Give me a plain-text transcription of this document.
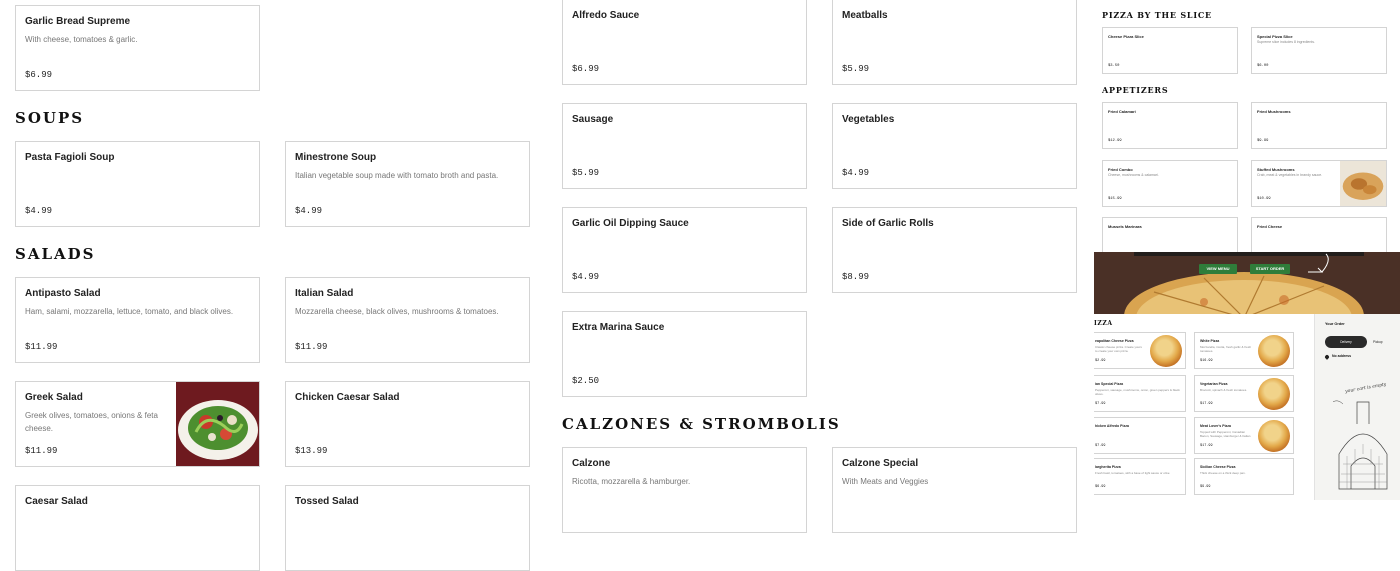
Garlic Bread Supreme
With cheese, tomatoes & garlic.
$6.99
SOUPS
Pasta Fagioli Soup
$4.99
Minestrone Soup
Italian vegetable soup made with tomato broth and pasta.
$4.99
SALADS
Antipasto Salad
Ham, salami, mozzarella, lettuce, tomato, and black olives.
$11.99
Italian Salad
Mozzarella cheese, black olives, mushrooms & tomatoes.
$11.99
Greek Salad
Greek olives, tomatoes, onions & feta cheese.
$11.99
Chicken Caesar Salad
$13.99
Caesar Salad	Tossed Salad
Alfredo Sauce
$6.99
Meatballs
$5.99
Sausage
$5.99
Vegetables
$4.99
Garlic Oil Dipping Sauce
$4.99
Side of Garlic Rolls
$8.99
Extra Marina Sauce
$2.50
CALZONES & STROMBOLIS
Calzone
Ricotta, mozzarella & hamburger.
Calzone Special
With Meats and Veggies
PIZZA BY THE SLICE
Cheese Pizza Slice
$3.50
Special Pizza Slice
Supreme slice includes 8 ingredients.
$6.00
APPETIZERS
Fried Calamari
$12.99
Fried Mushrooms
$9.99
Fried Combo
Cheese, mushrooms & calamari.
$15.99
Stuffed Mushrooms
Crab, meat & vegetables in brandy sauce.
$10.99
Mussels Marinara	Fried Cheese
VIEW MENU	START ORDER
IZZA
eapolitan Cheese Pizza
Classic cheese pizza. Create yours to create your own pizza.
$2.99
White Pizza
Mozzarella, ricotta, fresh garlic & fresh tomatoes.
$16.99
ian Special Pizza
Pepperoni, sausage, mushrooms, onion, green peppers & black olives.
$7.99
Vegetarian Pizza
Broccoli, spinach & fresh tomatoes.
$17.99
hicken Alfredo Pizza
$7.99
Meat Lover's Pizza
Topped with Pepperoni, Canadian Bacon, Sausage, Hamburger & Italian
$17.99
largherita Pizza
Fresh basil, tomatoes, with a base of light sauce or olive
$6.99
Sicilian Cheese Pizza
Thick cheese on a thick deep pan.
$9.99
Your Order
Delivery	Pickup
No address
your cart is empty
